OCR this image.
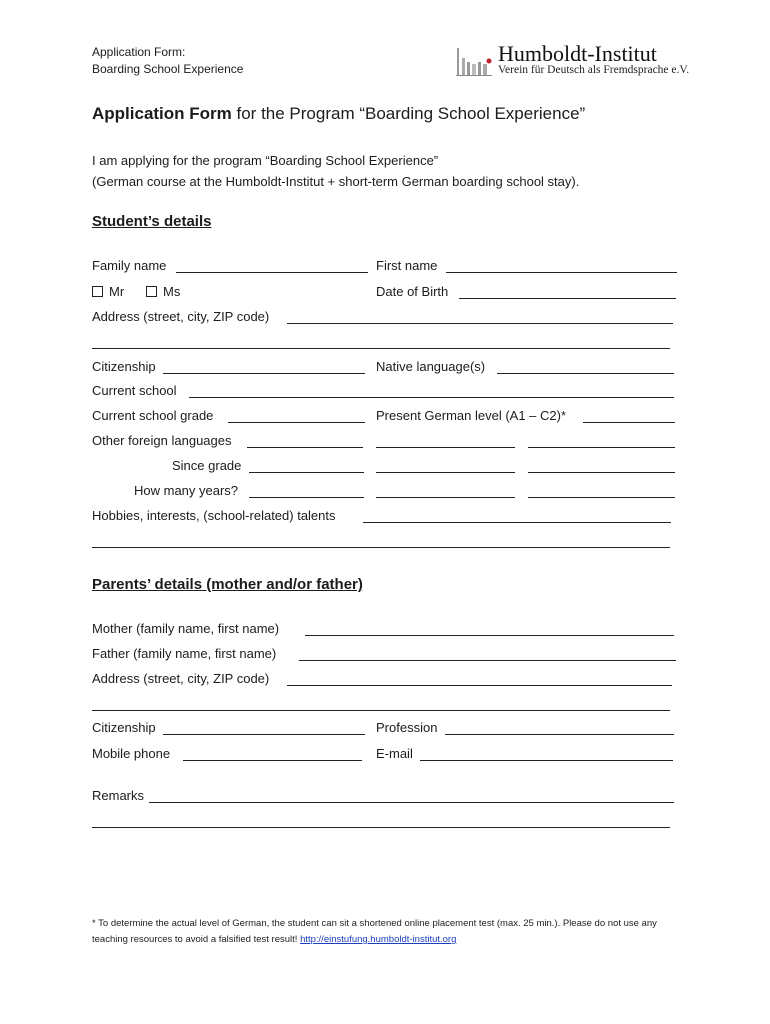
Application Form:
Boarding School Experience
Humboldt-Institut
Verein für Deutsch als Fremdsprache e.V.
Application Form for the Program “Boarding School Experience”
I am applying for the program “Boarding School Experience”
(German course at the Humboldt-Institut + short-term German boarding school stay).
Student’s details
Family name	First name
Mr	Ms	Date of Birth
Address (street, city, ZIP code)
Citizenship	Native language(s)
Current school
Current school grade	Present German level (A1 – C2)*
Other foreign languages
Since grade
How many years?
Hobbies, interests, (school-related) talents
Parents’ details (mother and/or father)
Mother (family name, first name)
Father (family name, first name)
Address (street, city, ZIP code)
Citizenship	Profession
Mobile phone	E-mail
Remarks
* To determine the actual level of German, the student can sit a shortened online placement test (max. 25 min.). Please do not use any teaching resources to avoid a falsified test result! http://einstufung.humboldt-institut.org
